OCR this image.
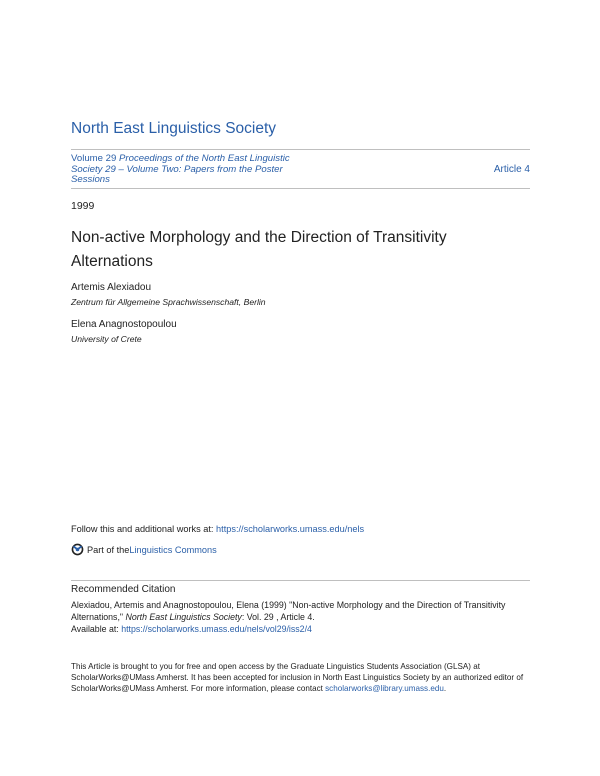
North East Linguistics Society
Volume 29 Proceedings of the North East Linguistic Society 29 – Volume Two: Papers from the Poster Sessions
Article 4
1999
Non-active Morphology and the Direction of Transitivity Alternations
Artemis Alexiadou
Zentrum für Allgemeine Sprachwissenschaft, Berlin
Elena Anagnostopoulou
University of Crete
Follow this and additional works at: https://scholarworks.umass.edu/nels
Part of the Linguistics Commons
Recommended Citation
Alexiadou, Artemis and Anagnostopoulou, Elena (1999) "Non-active Morphology and the Direction of Transitivity Alternations," North East Linguistics Society: Vol. 29 , Article 4.
Available at: https://scholarworks.umass.edu/nels/vol29/iss2/4
This Article is brought to you for free and open access by the Graduate Linguistics Students Association (GLSA) at ScholarWorks@UMass Amherst. It has been accepted for inclusion in North East Linguistics Society by an authorized editor of ScholarWorks@UMass Amherst. For more information, please contact scholarworks@library.umass.edu.
